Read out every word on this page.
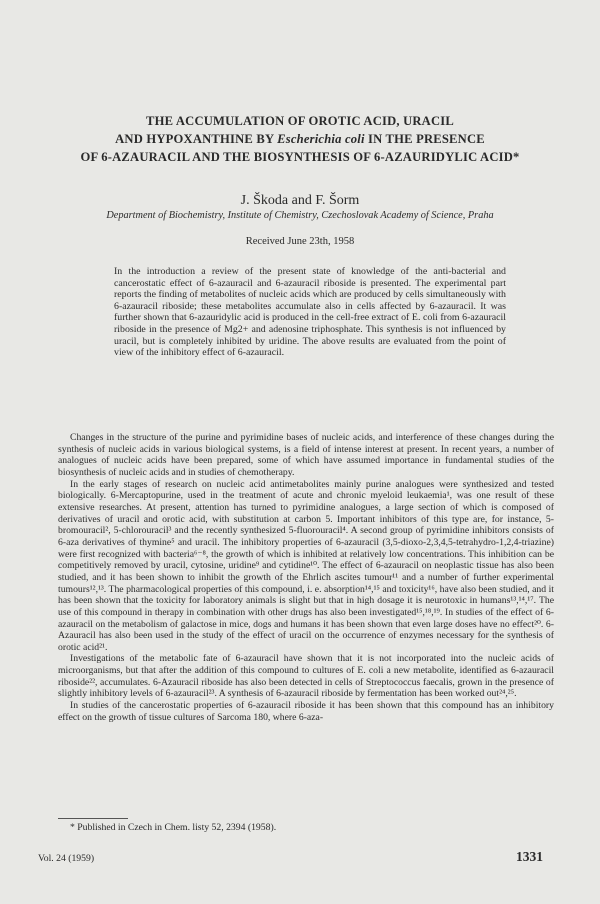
THE ACCUMULATION OF OROTIC ACID, URACIL
AND HYPOXANTHINE BY Escherichia coli IN THE PRESENCE
OF 6-AZAURACIL AND THE BIOSYNTHESIS OF 6-AZAURIDYLIC ACID*
J. Škoda and F. Šorm
Department of Biochemistry, Institute of Chemistry, Czechoslovak Academy of Science, Praha
Received June 23th, 1958
In the introduction a review of the present state of knowledge of the anti-bacterial and cancerostatic effect of 6-azauracil and 6-azauracil riboside is presented. The experimental part reports the finding of metabolites of nucleic acids which are produced by cells simultaneously with 6-azauracil riboside; these metabolites accumulate also in cells affected by 6-azauracil. It was further shown that 6-azauridylic acid is produced in the cell-free extract of E. coli from 6-azauracil riboside in the presence of Mg2+ and adenosine triphosphate. This synthesis is not influenced by uracil, but is completely inhibited by uridine. The above results are evaluated from the point of view of the inhibitory effect of 6-azauracil.

Changes in the structure of the purine and pyrimidine bases of nucleic acids, and interference of these changes during the synthesis of nucleic acids in various biological systems, is a field of intense interest at present. In recent years, a number of analogues of nucleic acids have been prepared, some of which have assumed importance in fundamental studies of the biosynthesis of nucleic acids and in studies of chemotherapy.

In the early stages of research on nucleic acid antimetabolites mainly purine analogues were synthesized and tested biologically. 6-Mercaptopurine, used in the treatment of acute and chronic myeloid leukaemia¹, was one result of these extensive researches. At present, attention has turned to pyrimidine analogues, a large section of which is composed of derivatives of uracil and orotic acid, with substitution at carbon 5. Important inhibitors of this type are, for instance, 5-bromouracil², 5-chlorouracil³ and the recently synthesized 5-fluorouracil⁴. A second group of pyrimidine inhibitors consists of 6-aza derivatives of thymine⁵ and uracil. The inhibitory properties of 6-azauracil (3,5-dioxo-2,3,4,5-tetrahydro-1,2,4-triazine) were first recognized with bacteria⁶⁻⁸, the growth of which is inhibited at relatively low concentrations. This inhibition can be competitively removed by uracil, cytosine, uridine⁹ and cytidine¹⁰. The effect of 6-azauracil on neoplastic tissue has also been studied, and it has been shown to inhibit the growth of the Ehrlich ascites tumour¹¹ and a number of further experimental tumours¹²,¹³. The pharmacological properties of this compound, i. e. absorption¹⁴,¹⁵ and toxicity¹⁶, have also been studied, and it has been shown that the toxicity for laboratory animals is slight but that in high dosage it is neurotoxic in humans¹³,¹⁴,¹⁷. The use of this compound in therapy in combination with other drugs has also been investigated¹⁵,¹⁸,¹⁹. In studies of the effect of 6-azauracil on the metabolism of galactose in mice, dogs and humans it has been shown that even large doses have no effect²⁰. 6-Azauracil has also been used in the study of the effect of uracil on the occurrence of enzymes necessary for the synthesis of orotic acid²¹.

Investigations of the metabolic fate of 6-azauracil have shown that it is not incorporated into the nucleic acids of microorganisms, but that after the addition of this compound to cultures of E. coli a new metabolite, identified as 6-azauracil riboside²², accumulates. 6-Azauracil riboside has also been detected in cells of Streptococcus faecalis, grown in the presence of slightly inhibitory levels of 6-azauracil²³. A synthesis of 6-azauracil riboside by fermentation has been worked out²⁴,²⁵.

In studies of the cancerostatic properties of 6-azauracil riboside it has been shown that this compound has an inhibitory effect on the growth of tissue cultures of Sarcoma 180, where 6-aza-

* Published in Czech in Chem. listy 52, 2394 (1958).
Vol. 24 (1959)	1331
